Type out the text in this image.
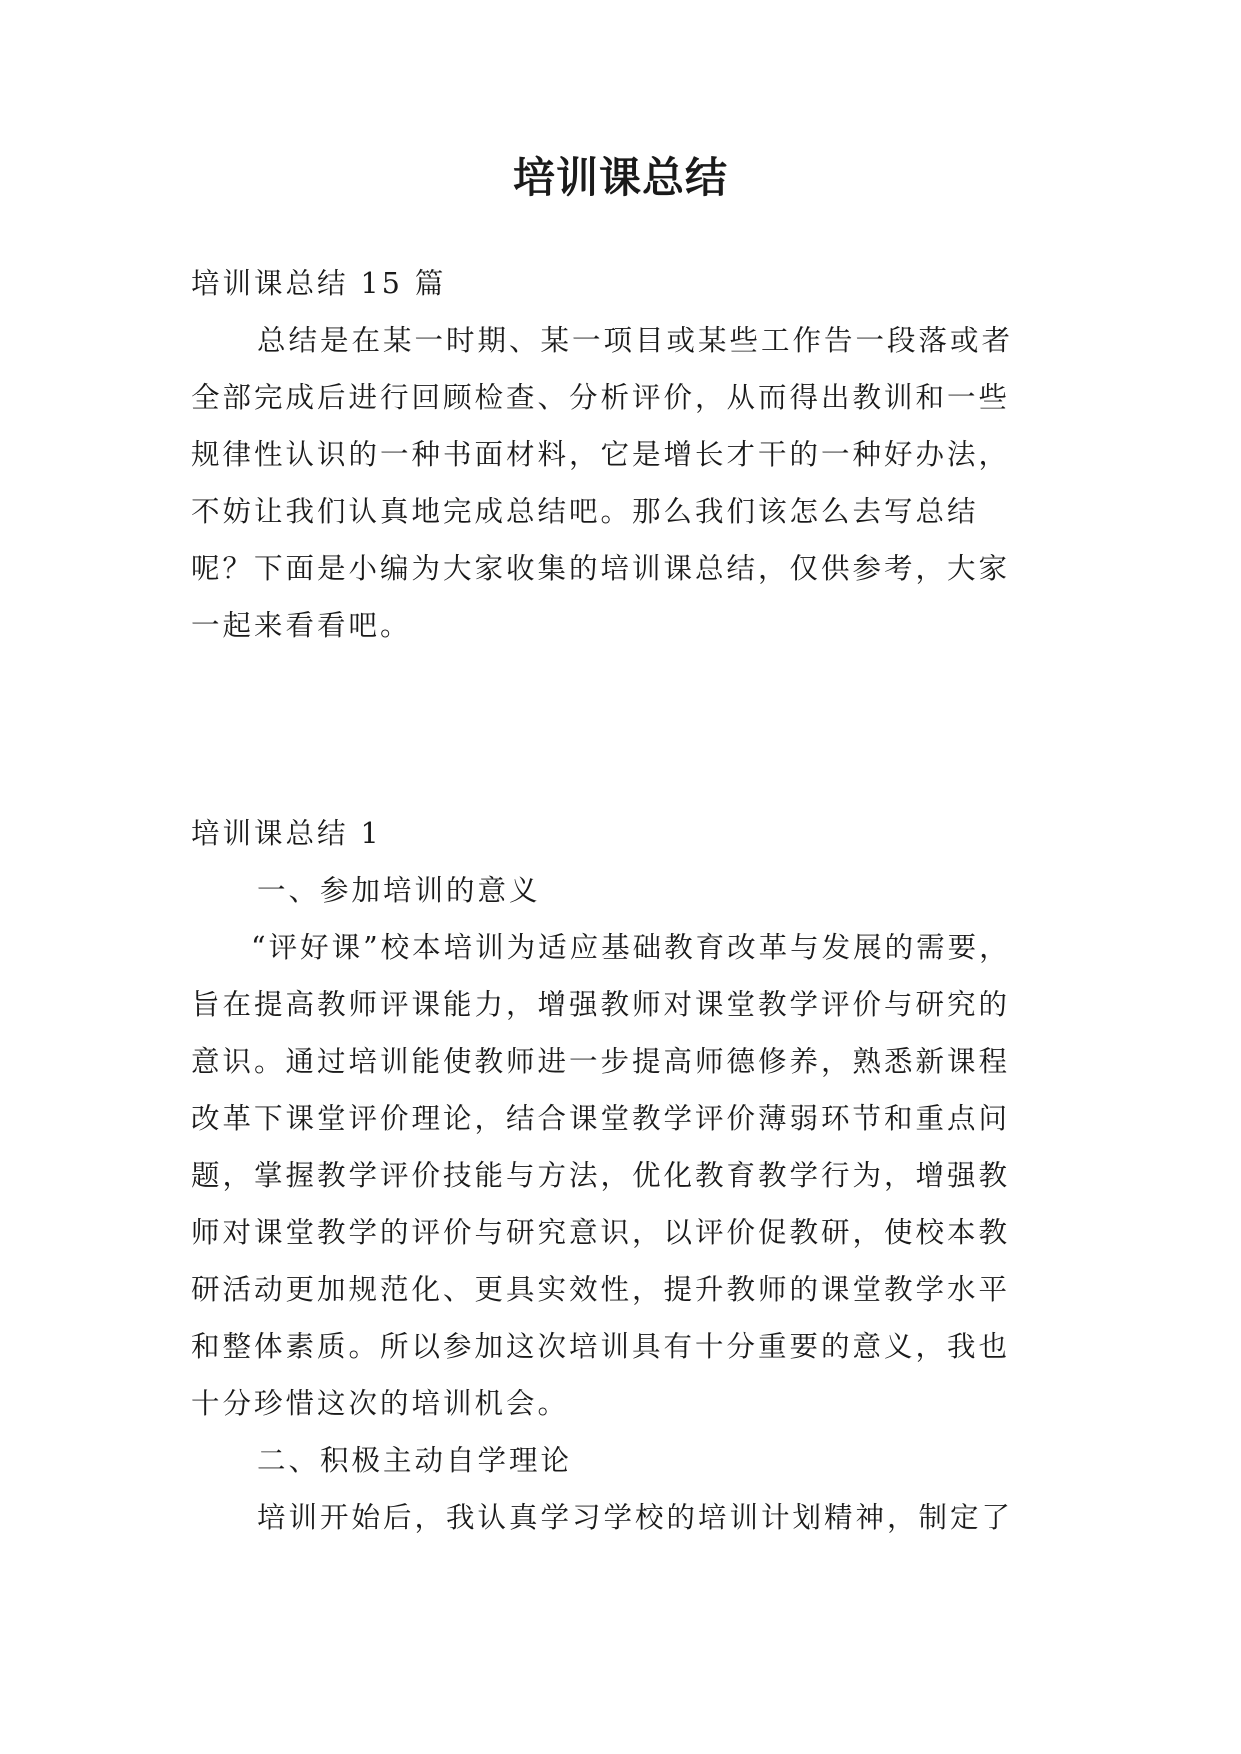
培训课总结
培训课总结 15 篇
总结是在某一时期、某一项目或某些工作告一段落或者
全部完成后进行回顾检查、分析评价，从而得出教训和一些
规律性认识的一种书面材料，它是增长才干的一种好办法，
不妨让我们认真地完成总结吧。那么我们该怎么去写总结
呢？下面是小编为大家收集的培训课总结，仅供参考，大家
一起来看看吧。
培训课总结 1
一、参加培训的意义
“评好课”校本培训为适应基础教育改革与发展的需要，
旨在提高教师评课能力，增强教师对课堂教学评价与研究的
意识。通过培训能使教师进一步提高师德修养，熟悉新课程
改革下课堂评价理论，结合课堂教学评价薄弱环节和重点问
题，掌握教学评价技能与方法，优化教育教学行为，增强教
师对课堂教学的评价与研究意识，以评价促教研，使校本教
研活动更加规范化、更具实效性，提升教师的课堂教学水平
和整体素质。所以参加这次培训具有十分重要的意义，我也
十分珍惜这次的培训机会。
二、积极主动自学理论
培训开始后，我认真学习学校的培训计划精神，制定了
